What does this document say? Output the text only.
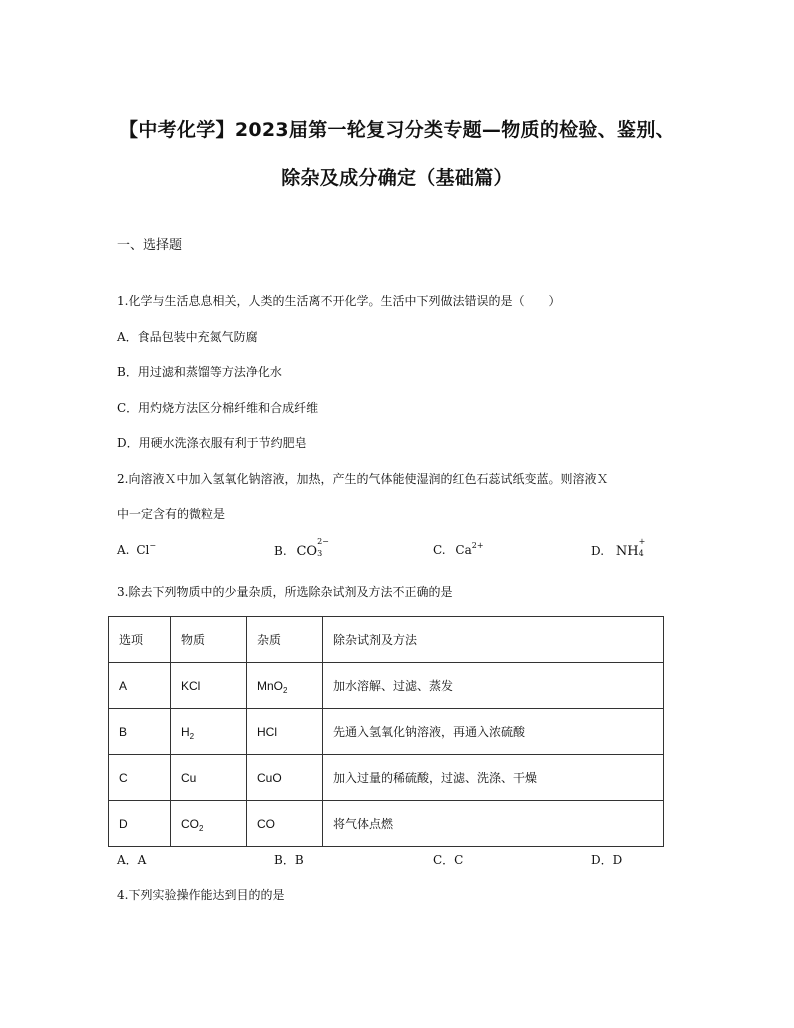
【中考化学】2023届第一轮复习分类专题—物质的检验、鉴别、
除杂及成分确定（基础篇）
一、选择题
1.化学与生活息息相关，人类的生活离不开化学。生活中下列做法错误的是（　　）
A．食品包装中充氮气防腐
B．用过滤和蒸馏等方法净化水
C．用灼烧方法区分棉纤维和合成纤维
D．用硬水洗涤衣服有利于节约肥皂
2.向溶液Ｘ中加入氢氧化钠溶液，加热，产生的气体能使湿润的红色石蕊试纸变蓝。则溶液Ｘ
中一定含有的微粒是
A. Cl−	B. CO
2−
3	C. $Ca^{2+}$	D. NH
+
4
3.除去下列物质中的少量杂质，所选除杂试剂及方法不正确的是
选项	物质	杂质	除杂试剂及方法
A	KCl	MnO$_2$	加水溶解、过滤、蒸发
B	$H_2$	HCl	先通入氢氧化钠溶液，再通入浓硫酸
C	Cu	CuO	加入过量的稀硫酸，过滤、洗涤、干燥
D	$CO_2$	CO	将气体点燃
A．A	B．B	C．C	D．D
4.下列实验操作能达到目的的是
